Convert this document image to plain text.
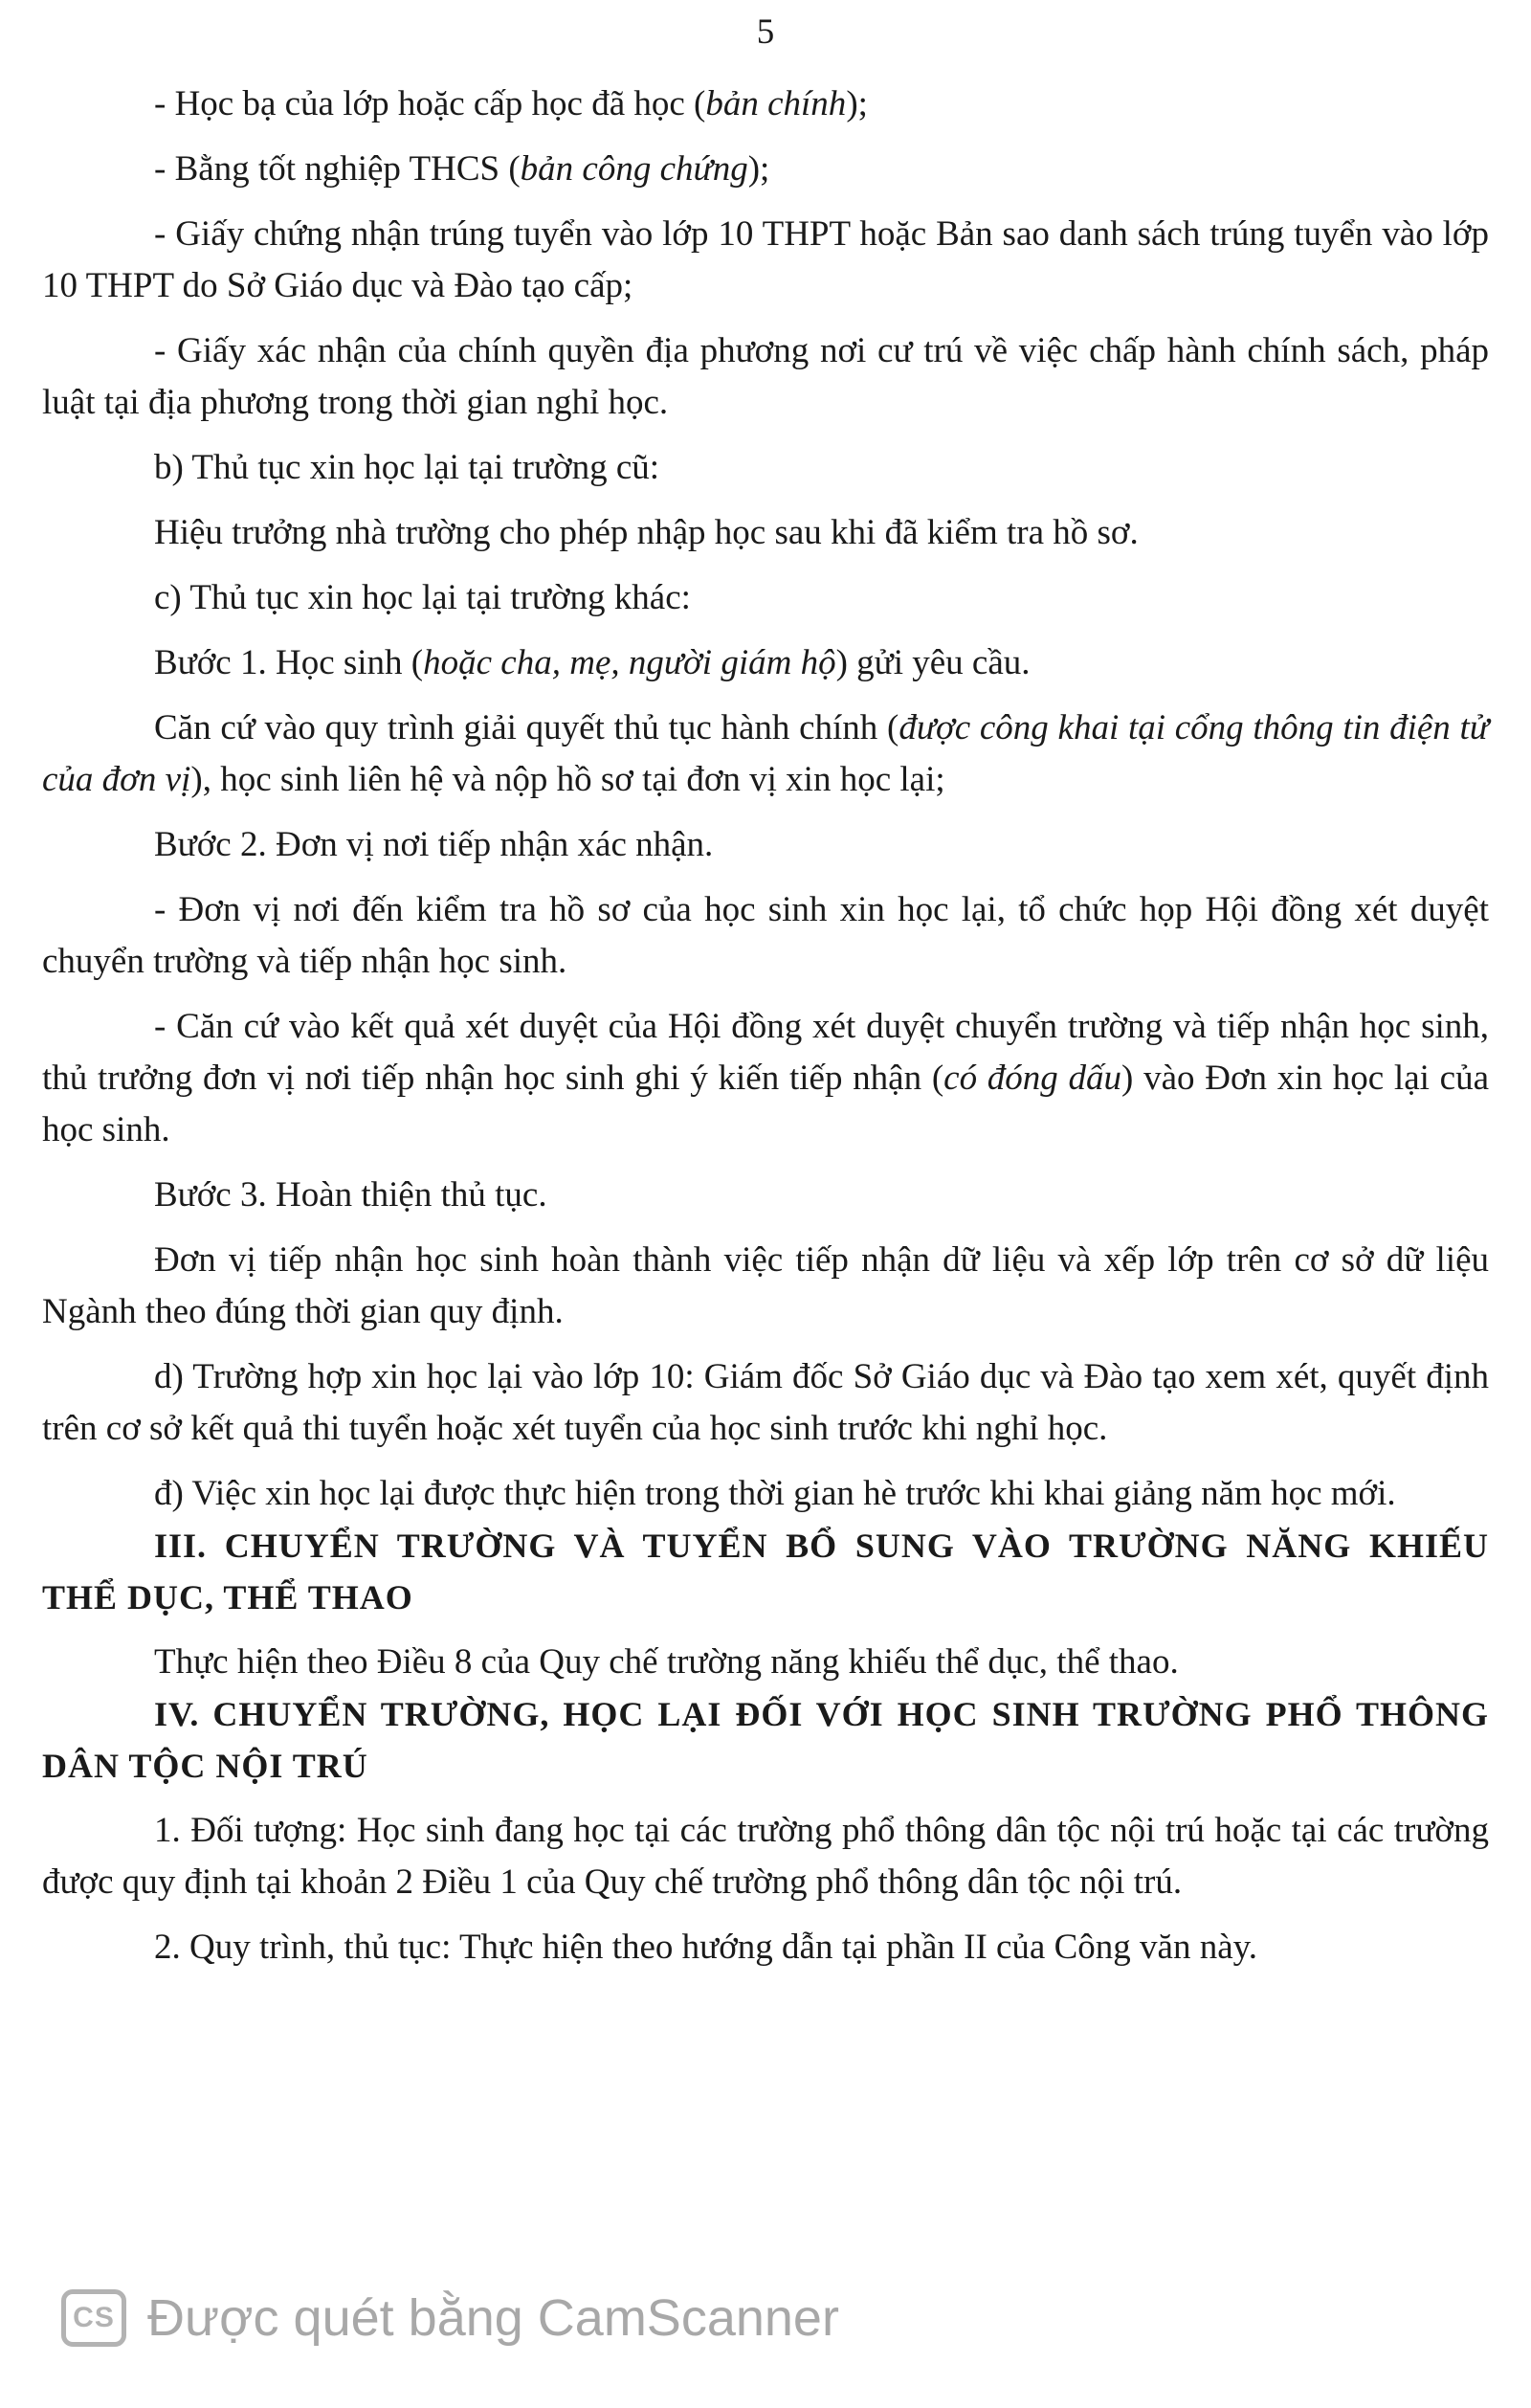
5

- Học bạ của lớp hoặc cấp học đã học (bản chính);

- Bằng tốt nghiệp THCS (bản công chứng);

- Giấy chứng nhận trúng tuyển vào lớp 10 THPT hoặc Bản sao danh sách trúng tuyển vào lớp 10 THPT do Sở Giáo dục và Đào tạo cấp;

- Giấy xác nhận của chính quyền địa phương nơi cư trú về việc chấp hành chính sách, pháp luật tại địa phương trong thời gian nghỉ học.

b) Thủ tục xin học lại tại trường cũ:

Hiệu trưởng nhà trường cho phép nhập học sau khi đã kiểm tra hồ sơ.

c) Thủ tục xin học lại tại trường khác:

Bước 1. Học sinh (hoặc cha, mẹ, người giám hộ) gửi yêu cầu.

Căn cứ vào quy trình giải quyết thủ tục hành chính (được công khai tại cổng thông tin điện tử của đơn vị), học sinh liên hệ và nộp hồ sơ tại đơn vị xin học lại;

Bước 2. Đơn vị nơi tiếp nhận xác nhận.

- Đơn vị nơi đến kiểm tra hồ sơ của học sinh xin học lại, tổ chức họp Hội đồng xét duyệt chuyển trường và tiếp nhận học sinh.

- Căn cứ vào kết quả xét duyệt của Hội đồng xét duyệt chuyển trường và tiếp nhận học sinh, thủ trưởng đơn vị nơi tiếp nhận học sinh ghi ý kiến tiếp nhận (có đóng dấu) vào Đơn xin học lại của học sinh.

Bước 3. Hoàn thiện thủ tục.

Đơn vị tiếp nhận học sinh hoàn thành việc tiếp nhận dữ liệu và xếp lớp trên cơ sở dữ liệu Ngành theo đúng thời gian quy định.

d) Trường hợp xin học lại vào lớp 10: Giám đốc Sở Giáo dục và Đào tạo xem xét, quyết định trên cơ sở kết quả thi tuyển hoặc xét tuyển của học sinh trước khi nghỉ học.

đ) Việc xin học lại được thực hiện trong thời gian hè trước khi khai giảng năm học mới.

III. CHUYỂN TRƯỜNG VÀ TUYỂN BỔ SUNG VÀO TRƯỜNG NĂNG KHIẾU THỂ DỤC, THỂ THAO

Thực hiện theo Điều 8 của Quy chế trường năng khiếu thể dục, thể thao.

IV. CHUYỂN TRƯỜNG, HỌC LẠI ĐỐI VỚI HỌC SINH TRƯỜNG PHỔ THÔNG DÂN TỘC NỘI TRÚ

1. Đối tượng: Học sinh đang học tại các trường phổ thông dân tộc nội trú hoặc tại các trường được quy định tại khoản 2 Điều 1 của Quy chế trường phổ thông dân tộc nội trú.

2. Quy trình, thủ tục: Thực hiện theo hướng dẫn tại phần II của Công văn này.

CS Được quét bằng CamScanner
